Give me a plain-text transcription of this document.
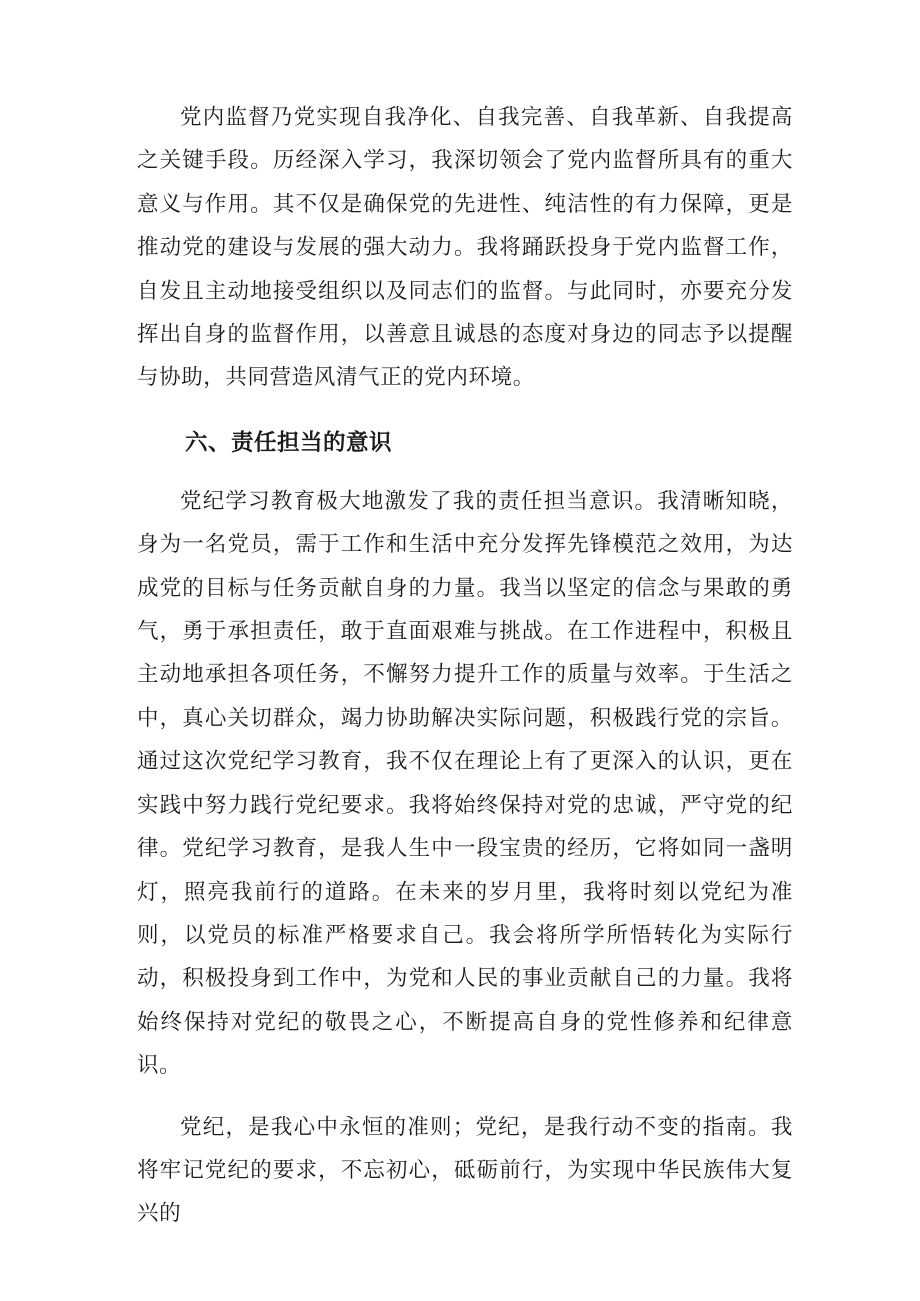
党内监督乃党实现自我净化、自我完善、自我革新、自我提高之关键手段。历经深入学习，我深切领会了党内监督所具有的重大意义与作用。其不仅是确保党的先进性、纯洁性的有力保障，更是推动党的建设与发展的强大动力。我将踊跃投身于党内监督工作，自发且主动地接受组织以及同志们的监督。与此同时，亦要充分发挥出自身的监督作用，以善意且诚恳的态度对身边的同志予以提醒与协助，共同营造风清气正的党内环境。

六、责任担当的意识

党纪学习教育极大地激发了我的责任担当意识。我清晰知晓，身为一名党员，需于工作和生活中充分发挥先锋模范之效用，为达成党的目标与任务贡献自身的力量。我当以坚定的信念与果敢的勇气，勇于承担责任，敢于直面艰难与挑战。在工作进程中，积极且主动地承担各项任务，不懈努力提升工作的质量与效率。于生活之中，真心关切群众，竭力协助解决实际问题，积极践行党的宗旨。通过这次党纪学习教育，我不仅在理论上有了更深入的认识，更在实践中努力践行党纪要求。我将始终保持对党的忠诚，严守党的纪律。党纪学习教育，是我人生中一段宝贵的经历，它将如同一盏明灯，照亮我前行的道路。在未来的岁月里，我将时刻以党纪为准则，以党员的标准严格要求自己。我会将所学所悟转化为实际行动，积极投身到工作中，为党和人民的事业贡献自己的力量。我将始终保持对党纪的敬畏之心，不断提高自身的党性修养和纪律意识。

党纪，是我心中永恒的准则；党纪，是我行动不变的指南。我将牢记党纪的要求，不忘初心，砥砺前行，为实现中华民族伟大复兴的
